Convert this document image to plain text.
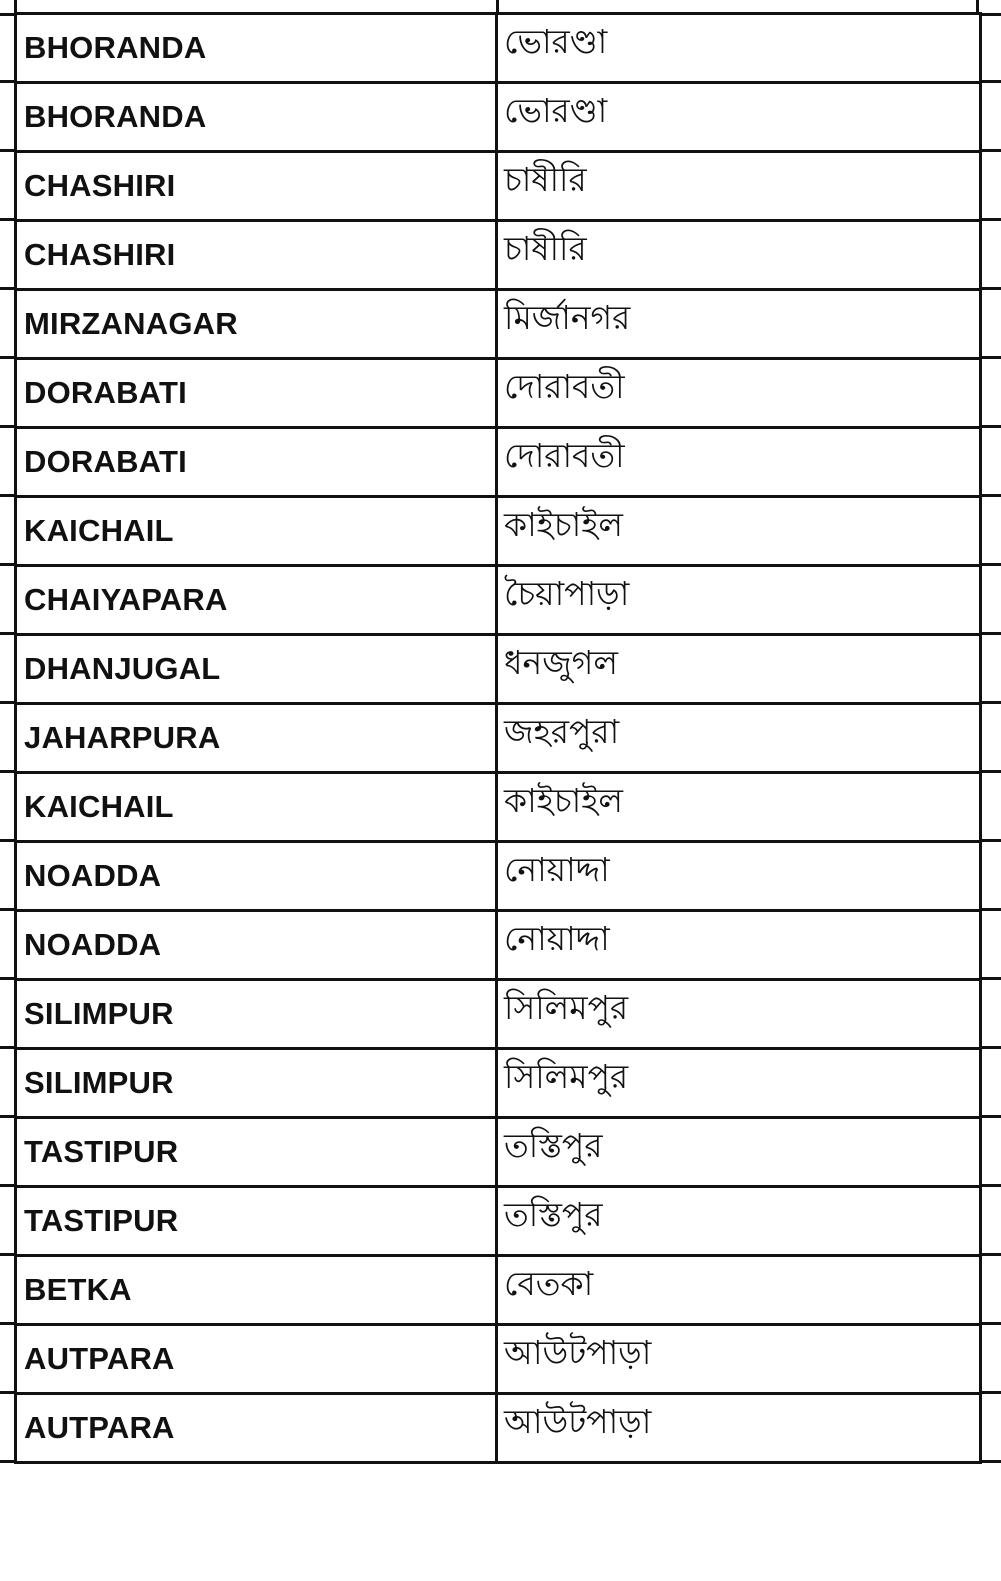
BHORANDA	ভোরণ্ডা
BHORANDA	ভোরণ্ডা
CHASHIRI	চাষীরি
CHASHIRI	চাষীরি
MIRZANAGAR	মির্জানগর
DORABATI	দোরাবতী
DORABATI	দোরাবতী
KAICHAIL	কাইচাইল
CHAIYAPARA	চৈয়াপাড়া
DHANJUGAL	ধনজুগল
JAHARPURA	জহরপুরা
KAICHAIL	কাইচাইল
NOADDA	নোয়াদ্দা
NOADDA	নোয়াদ্দা
SILIMPUR	সিলিমপুর
SILIMPUR	সিলিমপুর
TASTIPUR	তস্তিপুর
TASTIPUR	তস্তিপুর
BETKA	বেতকা
AUTPARA	আউটপাড়া
AUTPARA	আউটপাড়া
